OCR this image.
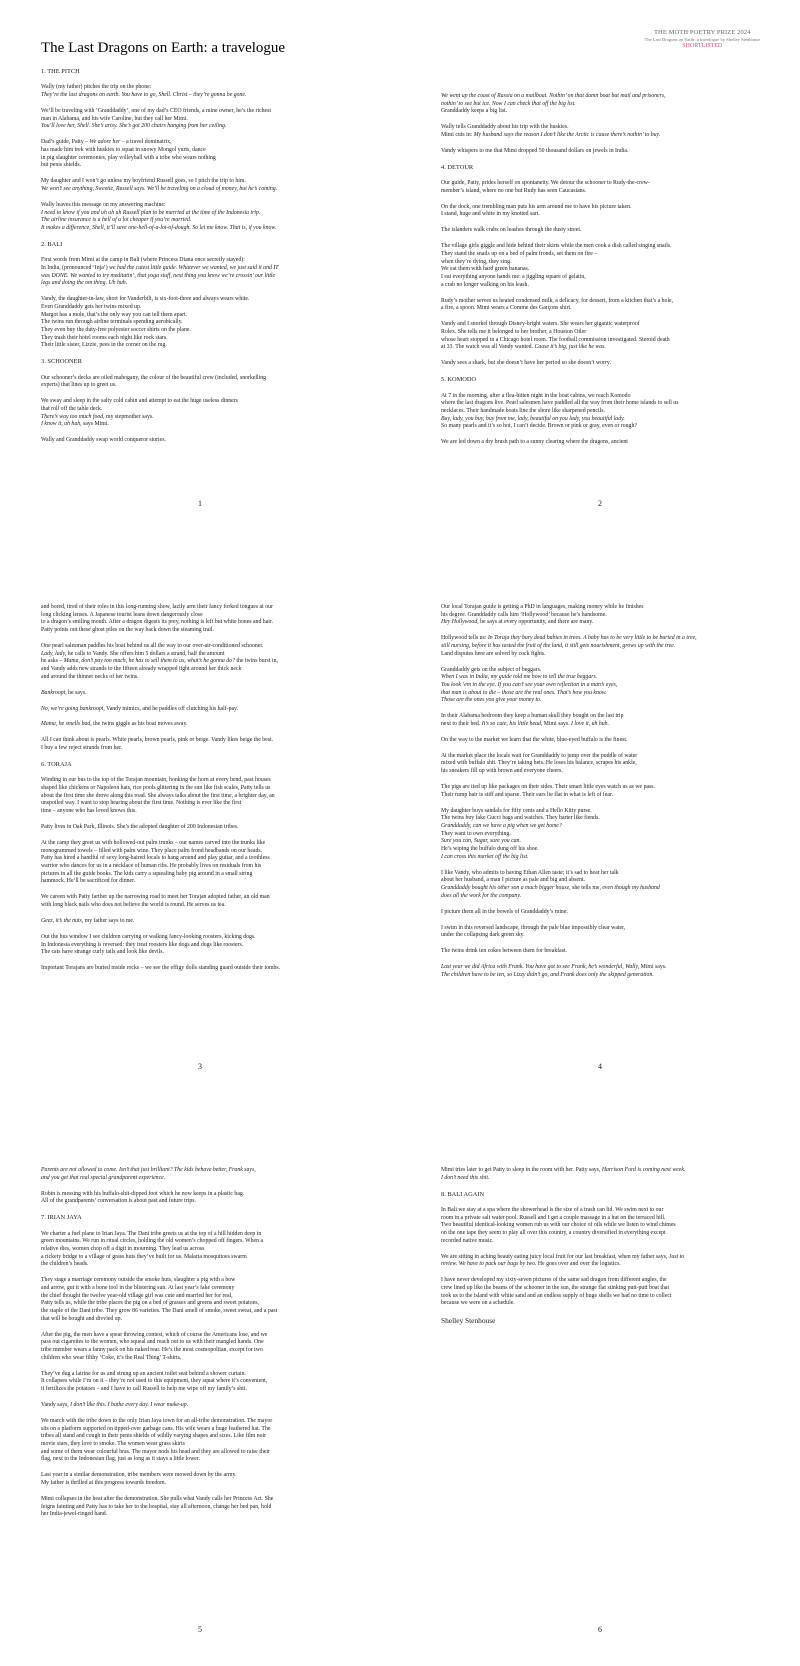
The Last Dragons on Earth: a travelogue
1. THE PITCH

Wally (my father) pitches the trip on the phone:
They’re the last dragons on earth. You have to go, Shell. Christ – they’re gonna be gone.

We’ll be traveling with ‘Granddaddy’, one of my dad’s CEO friends, a mine owner, he’s the richest
man in Alabama, and his wife Caroline, but they call her Mimi.
You’ll love her, Shell. She’s artsy. She’s got 200 chairs hanging from her ceiling.

Dad’s guide, Patty – We adore her – a travel dominatrix,
has made him trek with huskies to squat in snowy Mongol yurts, dance
in pig slaughter ceremonies, play volleyball with a tribe who wears nothing
but penis shields.

My daughter and I won’t go unless my boyfriend Russell goes, so I pitch the trip to him.
We won’t see anything, Sweetie, Russell says. We’ll be traveling on a cloud of money, but he’s coming.

Wally leaves this message on my answering machine:
I need to know if you and uh uh uh Russell plan to be married at the time of the Indonesia trip.
The airline insurance is a hell of a lot cheaper if you’re married.
It makes a difference, Shell, it’ll save one-hell-of-a-lot-of-dough. So let me know. That is, if you know.

2. BALI

First words from Mimi at the camp in Bali (where Princess Diana once secretly stayed):
In India, (pronounced ‘Inja’) we had the cutest little guide. Whatever we wanted, we just said it and IT
was DONE. We wanted to try meditatin’, that yoga stuff, next thing you know we’re crossin’ our little
legs and doing the om thing. Uh huh.

Vandy, the daughter-in-law, short for Vanderbilt, is six-foot-three and always wears white.
Even Granddaddy gets her twins mixed up.
Margot has a mole, that’s the only way you can tell them apart.
The twins run through airline terminals spending aerobically.
They even buy the duty-free polyester soccer shirts on the plane.
They trash their hotel rooms each night like rock stars.
Their little sister, Lizzie, pees in the corner on the rug.

3. SCHOONER

Our schooner’s decks are oiled mahogany, the colour of the beautiful crew (included, snorkelling
experts) that lines up to greet us.

We sway and sleep in the salty cold cabin and attempt to eat the huge useless dinners
that roll off the table deck.
There’s way too much food, my stepmother says.
I know it, uh huh, says Mimi.

Wally and Granddaddy swap world conqueror stories.

1
THE MOTH POETRY PRIZE 2024
The Last Dragons on Earth: a travelogue by Shelley Stenhouse
SHORTLISTED

We went up the coast of Russia on a mailboat. Nothin’ on that damn boat but mail and prisoners,
nothin’ to see but ice. Now I can check that off the big list.
Granddaddy keeps a big list.

Wally tells Granddaddy about his trip with the huskies.
Mimi cuts in: My husband says the reason I don’t like the Arctic is cause there’s nothin’ to buy.

Vandy whispers to me that Mimi dropped 50 thousand dollars on jewels in India.

4. DETOUR

Our guide, Patty, prides herself on spontaneity. We detour the schooner to Rudy-the-crew-
member’s island, where no one but Rudy has seen Caucasians.

On the dock, one trembling man puts his arm around me to have his picture taken.
I stand, huge and white in my knotted sari.

The islanders walk crabs on leashes through the dusty street.

The village girls giggle and hide behind their skirts while the men cook a dish called singing snails.
They stand the snails up on a bed of palm fronds, set them on fire –
when they’re dying, they sing.
We eat them with hard green bananas.
I eat everything anyone hands me: a jiggling square of gelatin,
a crab no longer walking on his leash.

Rudy’s mother serves us heated condensed milk, a delicacy, for dessert, from a kitchen that’s a hole,
a fire, a spoon. Mimi wears a Comme des Garçons shirt.

Vandy and I snorkel through Disney-bright waters. She wears her gigantic waterproof
Rolex. She tells me it belonged to her brother, a Houston Oiler
whose heart stopped in a Chicago hotel room. The football commission investigated. Steroid death
at 33. The watch was all Vandy wanted. Cause it’s big, just like he was.

Vandy sees a shark, but she doesn’t have her period so she doesn’t worry.

5. KOMODO

At 7 in the morning, after a flea-bitten night in the boat cabins, we reach Komodo
where the last dragons live. Pearl salesmen have paddled all the way from their home islands to sell us
necklaces. Their handmade boats line the shore like sharpened pencils.
Buy, lady, you buy, buy from me, lady, beautiful on you lady, you beautiful lady.
So many pearls and it’s so hot, I can’t decide. Brown or pink or gray, even or rough?

We are led down a dry brush path to a sunny clearing where the dragons, ancient

2

and bored, tired of their roles in this long-running show, lazily arm their fancy forked tongues at our
long clicking lenses. A Japanese tourist leans down dangerously close
to a dragon’s smiling mouth. After a dragon digests its prey, nothing is left but white bones and hair.
Patty points out these ghost piles on the way back down the steaming trail.

One pearl salesman paddles his boat behind us all the way to our over-air-conditioned schooner.
Lady, lady, he calls to Vandy. She offers him 5 dollars a strand, half the amount
he asks – Mama, don’t pay too much, he has to sell them to us, what’s he gonna do? the twins burst in,
and Vandy adds new strands to the fifteen already wrapped tight around her thick neck
and around the thinner necks of her twins.

Bankroopt, he says.

No, we’re going bankroopt, Vandy mimics, and he paddles off clutching his half-pay.

Mama, he smells bad, the twins giggle as his boat moves away.

All I can think about is pearls. White pearls, brown pearls, pink or beige. Vandy likes beige the best.
I buy a few reject strands from her.

6. TORAJA

Winding in our bus to the top of the Torajan mountain, honking the horn at every bend, past houses
shaped like chickens or Napoleon hats, rice pools glittering in the sun like fish scales, Patty tells us
about the first time she drove along this road. She always talks about the first time, a brighter day, an
unspoiled way. I want to stop hearing about the first time. Nothing is ever like the first
time – anyone who has loved knows this.

Patty lives in Oak Park, Illinois. She’s the adopted daughter of 200 Indonesian tribes.

At the camp they greet us with hollowed-out palm trunks – our names carved into the trunks like
monogrammed towels – filled with palm wine. They place palm frond headbands on our heads.
Patty has hired a handful of sexy long-haired locals to hang around and play guitar, and a toothless
warrior who dances for us in a necklace of human ribs. He probably lives on residuals from his
pictures in all the guide books. The kids carry a squealing baby pig around in a small string
hammock. He’ll be sacrificed for dinner.

We careen with Patty farther up the narrowing road to meet her Torajan adopted father, an old man
with long black nails who does not believe the world is round. He serves us tea.

Geez, it’s the nuts, my father says to me.

Out the bus window I see children carrying or walking fancy-looking roosters, kicking dogs.
In Indonesia everything is reversed: they treat roosters like dogs and dogs like roosters.
The cats have strange curly tails and look like devils.

Important Torajans are buried inside rocks – we see the effigy dolls standing guard outside their tombs.

3

Our local Torajan guide is getting a PhD in languages, making money while he finishes
his degree. Granddaddy calls him ‘Hollywood’ because he’s handsome.
Hey Hollywood, he says at every opportunity, and there are many.

Hollywood tells us: In Toraja they bury dead babies in trees. A baby has to be very little to be buried in a tree,
still nursing, before it has tasted the fruit of the land, it still gets nourishment, grows up with the tree.
Land disputes here are solved by cock fights.

Granddaddy gets on the subject of beggars.
When I was in India, my guide told me how to tell the true beggars.
You look ’em in the eye. If you can’t see your own reflection in a man’s eyes,
that man is about to die – those are the real ones. That’s how you know.
Those are the ones you give your money to.

In their Alabama bedroom they keep a human skull they bought on the last trip
next to their bed. It’s so cute, his little head, Mimi says. I love it, uh huh.

On the way to the market we learn that the white, blue-eyed buffalo is the finest.

At the market place the locals wait for Granddaddy to jump over the puddle of water
mixed with buffalo shit. They’re taking bets. He loses his balance, scrapes his ankle,
his sneakers fill up with brown and everyone cheers.

The pigs are tied up like packages on their sides. Their smart little eyes watch us as we pass.
Their rump hair is stiff and sparse. Their ears lie flat in what is left of fear.

My daughter buys sandals for fifty cents and a Hello Kitty purse.
The twins buy fake Gucci bags and watches. They barter like fiends.
Granddaddy, can we have a pig when we get home?
They want to own everything.
Sure you can, Sugar, sure you can.
He’s wiping the buffalo dung off his shoe.
I can cross this market off the big list.

I like Vandy, who admits to having Ethan Allen taste; it’s sad to hear her talk
about her husband, a man I picture as pale and big and absent.
Granddaddy bought his other son a much bigger house, she tells me, even though my husband
does all the work for the company.

I picture them all in the bowels of Granddaddy’s mine.

I swim in this reversed landscape, through the pale blue impossibly clear water,
under the collapsing dark green sky.

The twins drink ten cokes between them for breakfast.

Last year we did Africa with Frank. You have got to see Frank, he’s wonderful, Wally, Mimi says.
The children have to be ten, so Lizzy didn’t go, and Frank does only the skipped generation.

4

Parents are not allowed to come. Isn’t that just brilliant? The kids behave better, Frank says,
and you get that real special grandparent experience.

Robin is messing with his buffalo-shit-dipped foot which he now keeps in a plastic bag.
All of the grandparents’ conversation is about past and future trips.

7. IRIAN JAYA

We charter a fuel plane to Irian Jaya. The Dani tribe greets us at the top of a hill hidden deep in
green mountains. We run in ritual circles, holding the old women’s chopped off fingers. When a
relative dies, women chop off a digit in mourning. They lead us across
a rickety bridge to a village of grass huts they’ve built for us. Malaria mosquitoes swarm
the children’s heads.

They stage a marriage ceremony outside the smoke huts, slaughter a pig with a bow
and arrow, gut it with a bone tool in the blistering sun. At last year’s fake ceremony
the chief thought the twelve year-old village girl was cute and married her for real,
Patty tells us, while the tribe places the pig on a bed of grasses and greens and sweet potatoes,
the staple of the Dani tribe. They grow 86 varieties. The Dani smell of smoke, sweet sweat, and a past
that will be bought and divvied up.

After the pig, the men have a spear throwing contest, which of course the Americans lose, and we
pass out cigarettes to the women, who squeal and reach out to us with their mangled hands. One
tribe member wears a fanny pack on his naked rear. He’s the most cosmopolitan, except for two
children who wear filthy ‘Coke, it’s the Real Thing’ T-shirts.

They’ve dug a latrine for us and strung up an ancient toilet seat behind a shower curtain.
It collapses while I’m on it – they’re not used to this equipment, they squat where it’s convenient,
it fertilizes the potatoes – and I have to call Russell to help me wipe off my family’s shit.

Vandy says, I don’t like this. I bathe every day. I wear make-up.

We march with the tribe down to the only Irian Jaya town for an all-tribe demonstration. The mayor
sits on a platform supported on tipped-over garbage cans. His wife wears a huge feathered hat. The
tribes all stand and cough in their penis shields of wildly varying shapes and sizes. Like film noir
movie stars, they love to smoke. The women wear grass skirts
and some of them wear colourful bras. The mayor nods his head and they are allowed to raise their
flag, next to the Indonesian flag, just as long as it stays a little lower.

Last year in a similar demonstration, tribe members were mowed down by the army.
My father is thrilled at this progress towards freedom.

Mimi collapses in the heat after the demonstration. She pulls what Vandy calls her Princess Act. She
feigns fainting and Patty has to take her to the hospital, stay all afternoon, change her bed pan, hold
her India-jewel-ringed hand.

5

Mimi tries later to get Patty to sleep in the room with her. Patty says, Harrison Ford is coming next week.
I don’t need this shit.

8. BALI AGAIN

In Bali we stay at a spa where the showerhead is the size of a trash can lid. We swim next to our
room in a private salt water pool. Russell and I get a couple massage in a hut on the terraced hill.
Two beautiful identical-looking women rub us with our choice of oils while we listen to wind chimes
on the one tape they seem to play all over this country, a country diversified in everything except
recorded native music.

We are sitting in aching beauty eating juicy local fruit for our last breakfast, when my father says, Just to
review. We have to pack our bags by two. He goes over and over the logistics.

I have never developed my sixty-seven pictures of the same sad dragon from different angles, the
crew lined up like the beams of the schooner in the sun, the strange flat stinking putt-putt boat that
took us to the island with white sand and an endless supply of huge shells we had no time to collect
because we were on a schedule.

Shelley Stenhouse

6
